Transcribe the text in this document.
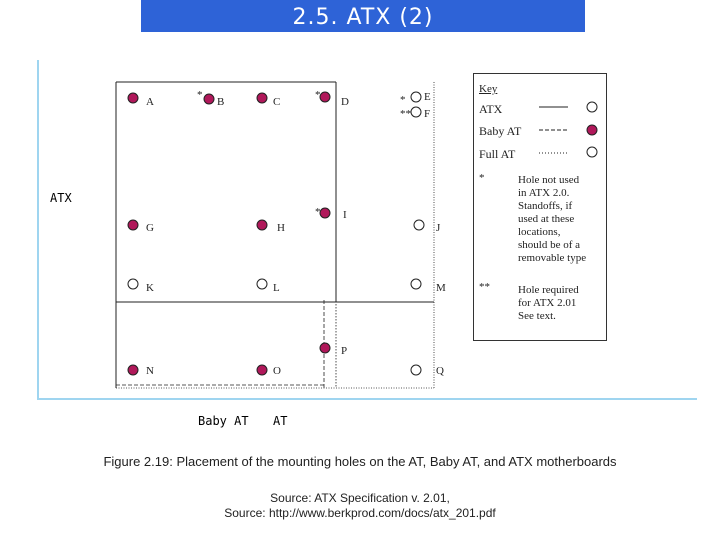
2.5. ATX (2)
A	B	C	D	E
F
G	H
I
J
K	L	M
N	O
P
Q
*	*	*
**
*
ATX
Baby AT AT
Key
ATX
Baby AT
Full AT
*	Hole not used
in ATX 2.0.
Standoffs, if
used at these
locations,
should be of a
removable type
**	Hole required
for ATX 2.01
See text.
Figure 2.19: Placement of the mounting holes on the AT, Baby AT, and ATX motherboards
Source: ATX Specification v. 2.01,
Source: http://www.berkprod.com/docs/atx_201.pdf
